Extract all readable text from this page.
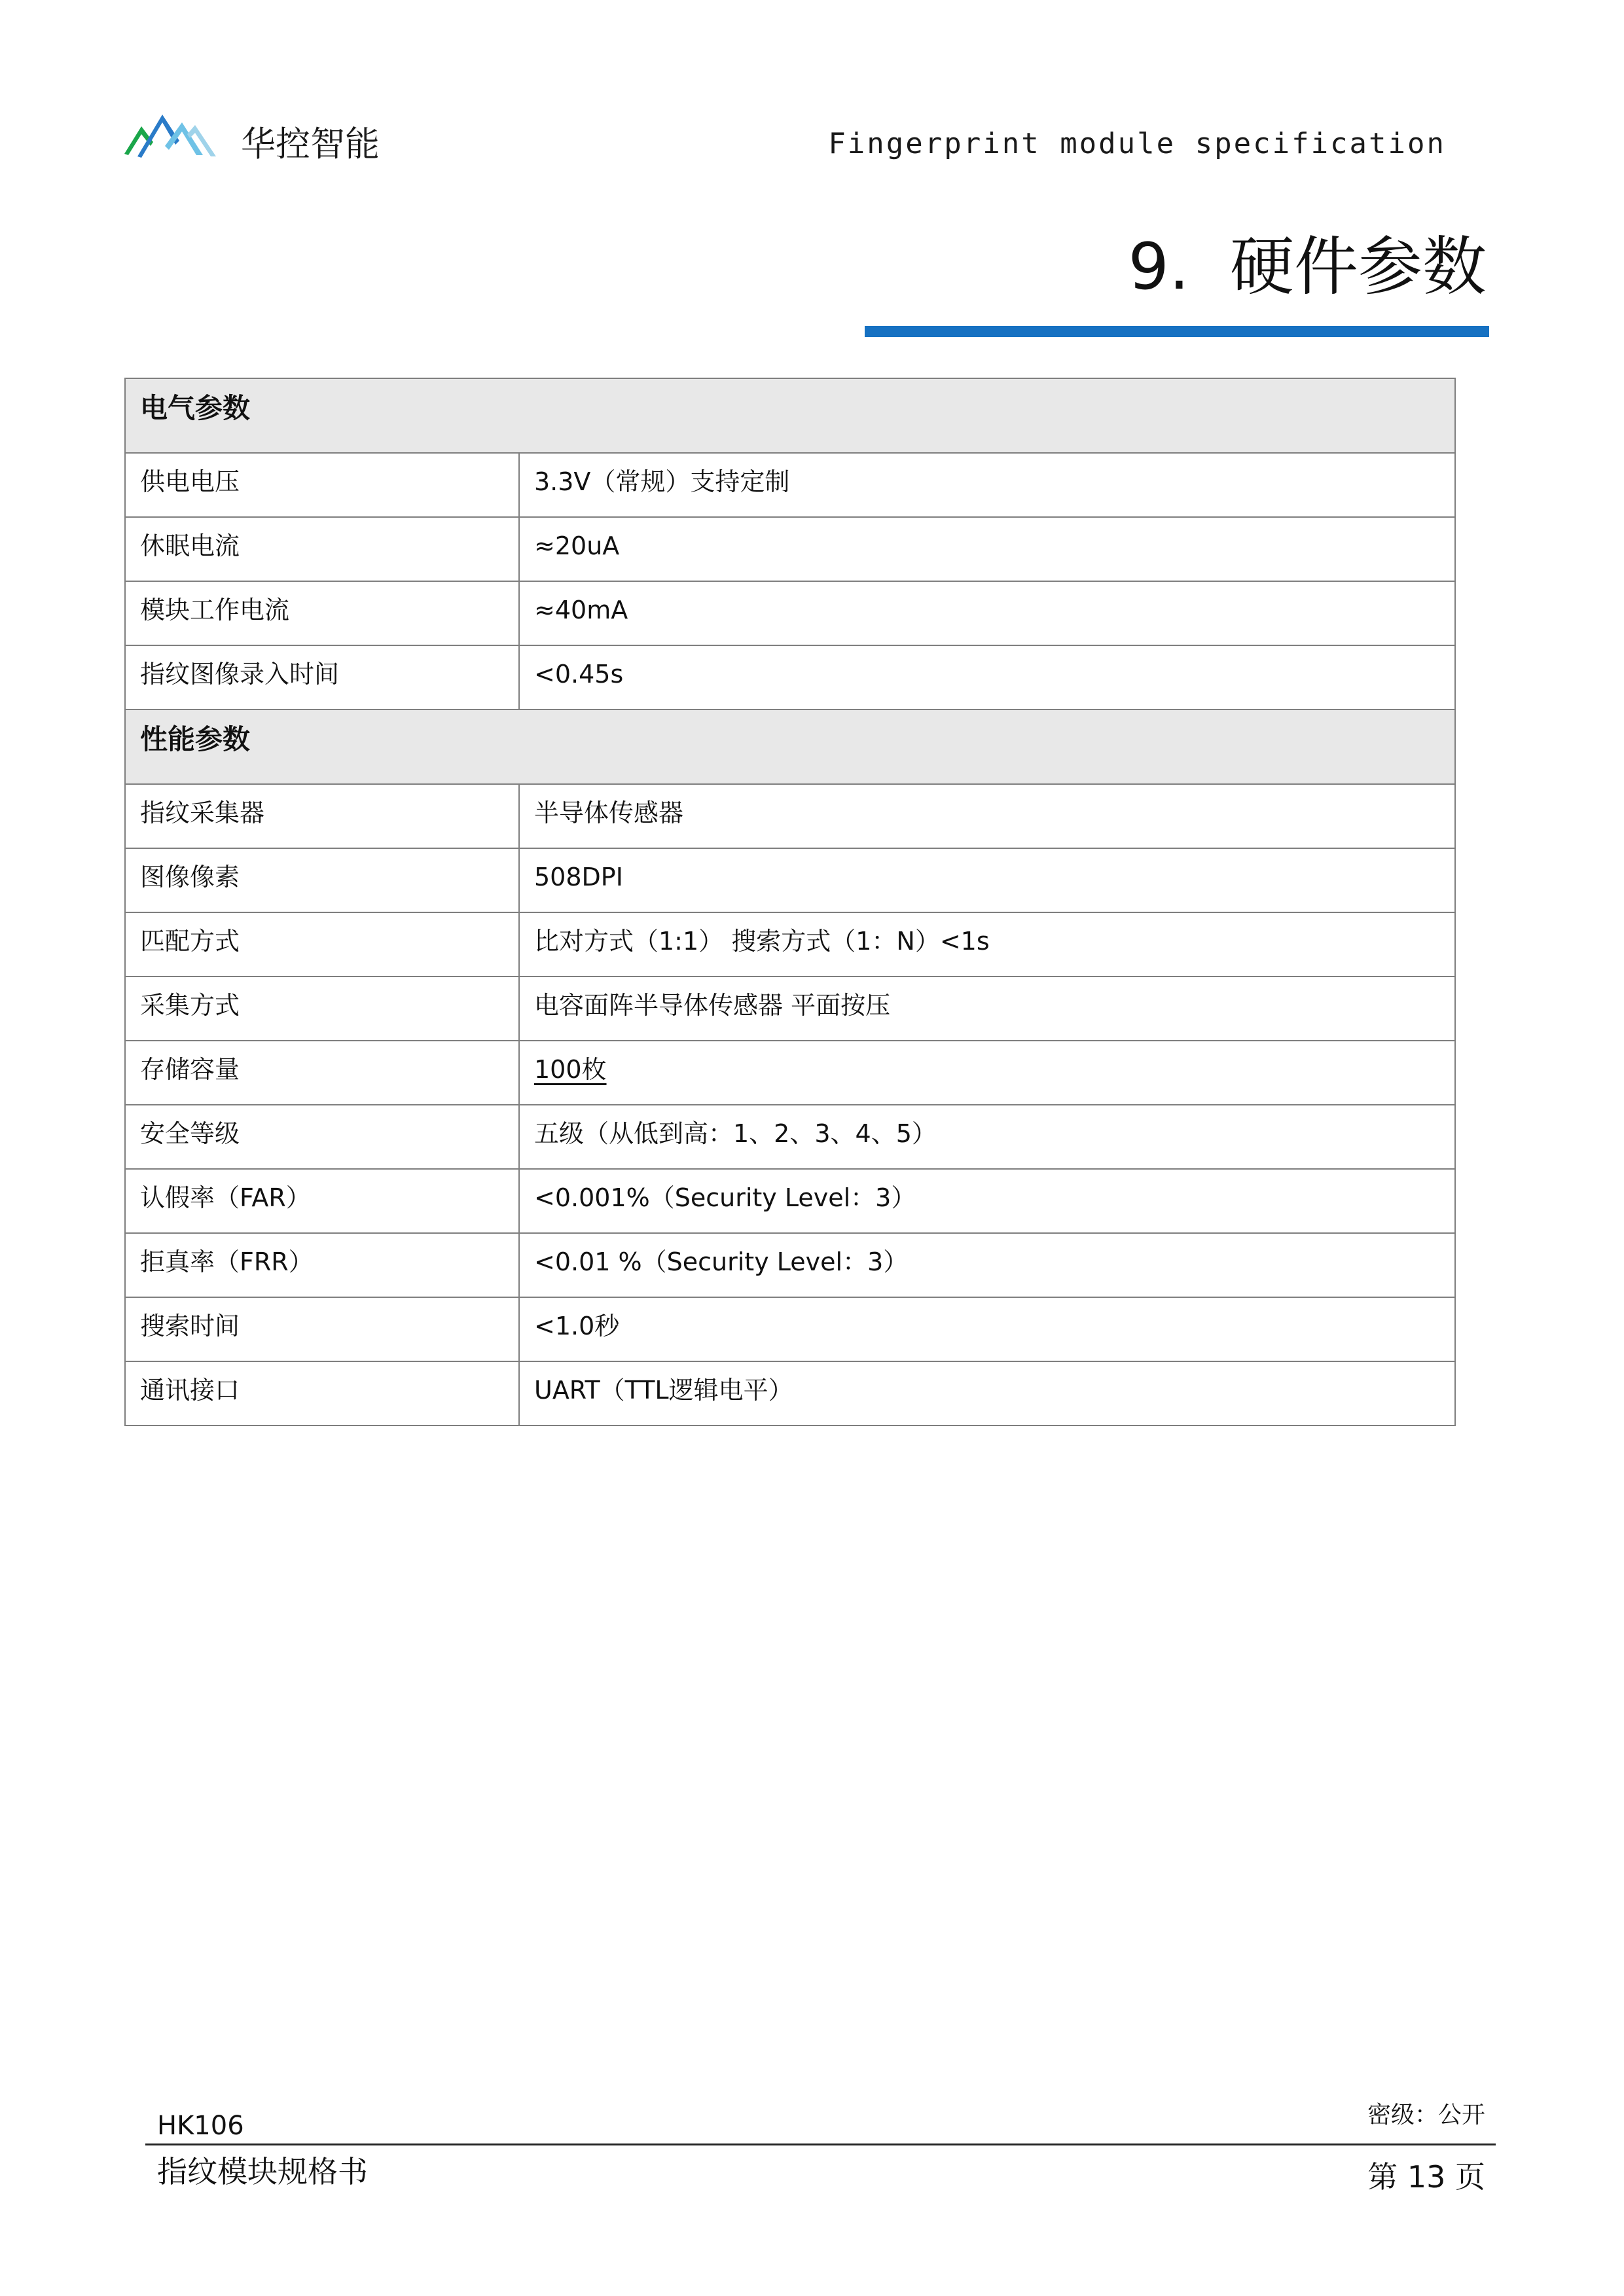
华控智能	Fingerprint module specification
9. 硬件参数
电气参数	
供电电压	3.3V（常规）支持定制
休眠电流	≈20uA
模块工作电流	≈40mA
指纹图像录入时间	<0.45s
性能参数	
指纹采集器	半导体传感器
图像像素	508DPI
匹配方式	比对方式（1:1） 搜索方式（1：N）<1s
采集方式	电容面阵半导体传感器 平面按压
存储容量	100枚
安全等级	五级（从低到高：1、2、3、4、5）
认假率（FAR）	<0.001%（Security Level：3）
拒真率（FRR）	<0.01 %（Security Level：3）
搜索时间	<1.0秒
通讯接口	UART（TTL逻辑电平）
HK106	密级：公开
指纹模块规格书	第 13 页
